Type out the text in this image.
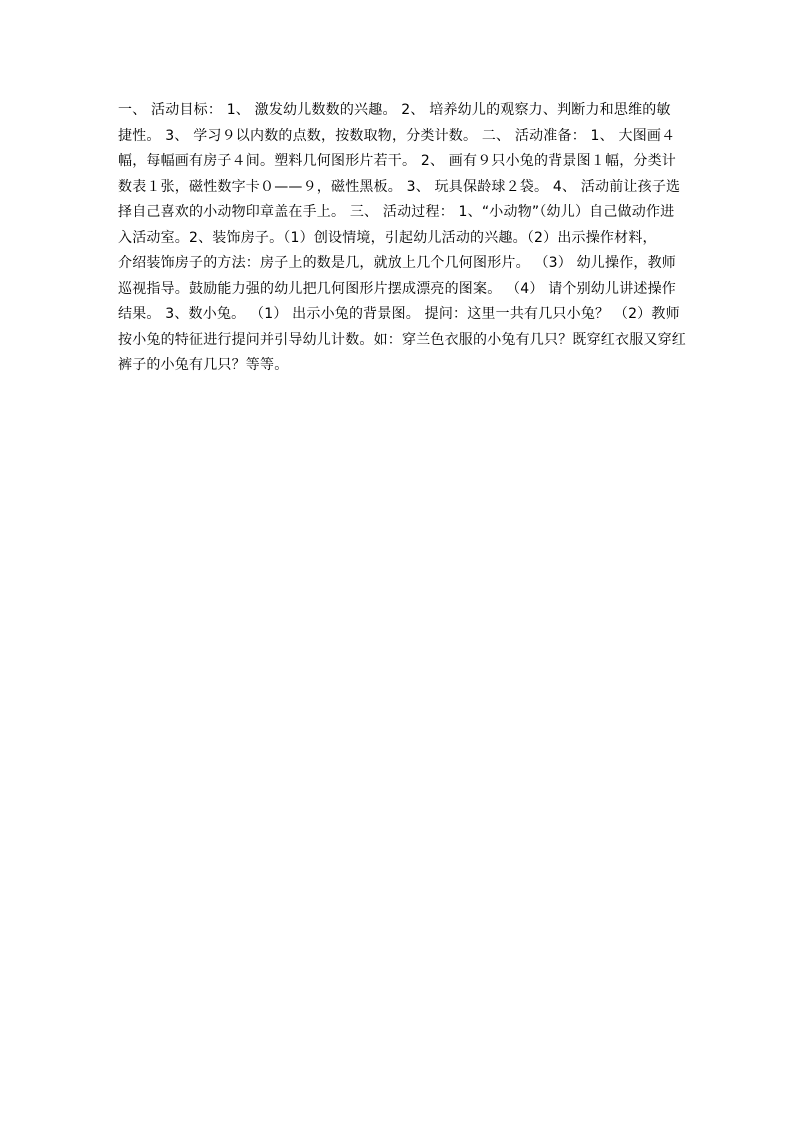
一、 活动目标： 1、 激发幼儿数数的兴趣。 2、 培养幼儿的观察力、判断力和思维的敏
捷性。 3、 学习９以内数的点数，按数取物，分类计数。 二、 活动准备： 1、 大图画４
幅，每幅画有房子４间。塑料几何图形片若干。 2、 画有９只小兔的背景图１幅，分类计
数表１张，磁性数字卡０——９，磁性黑板。 3、 玩具保龄球２袋。 4、 活动前让孩子选
择自己喜欢的小动物印章盖在手上。 三、 活动过程： 1、“小动物”（幼儿）自己做动作进
入活动室。2、装饰房子。（1）创设情境，引起幼儿活动的兴趣。（2）出示操作材料，
介绍装饰房子的方法：房子上的数是几，就放上几个几何图形片。 （3） 幼儿操作，教师
巡视指导。鼓励能力强的幼儿把几何图形片摆成漂亮的图案。 （4） 请个别幼儿讲述操作
结果。 3、数小兔。 （1） 出示小兔的背景图。 提问：这里一共有几只小兔？ （2）教师
按小兔的特征进行提问并引导幼儿计数。如：穿兰色衣服的小兔有几只？既穿红衣服又穿红
裤子的小兔有几只？等等。
